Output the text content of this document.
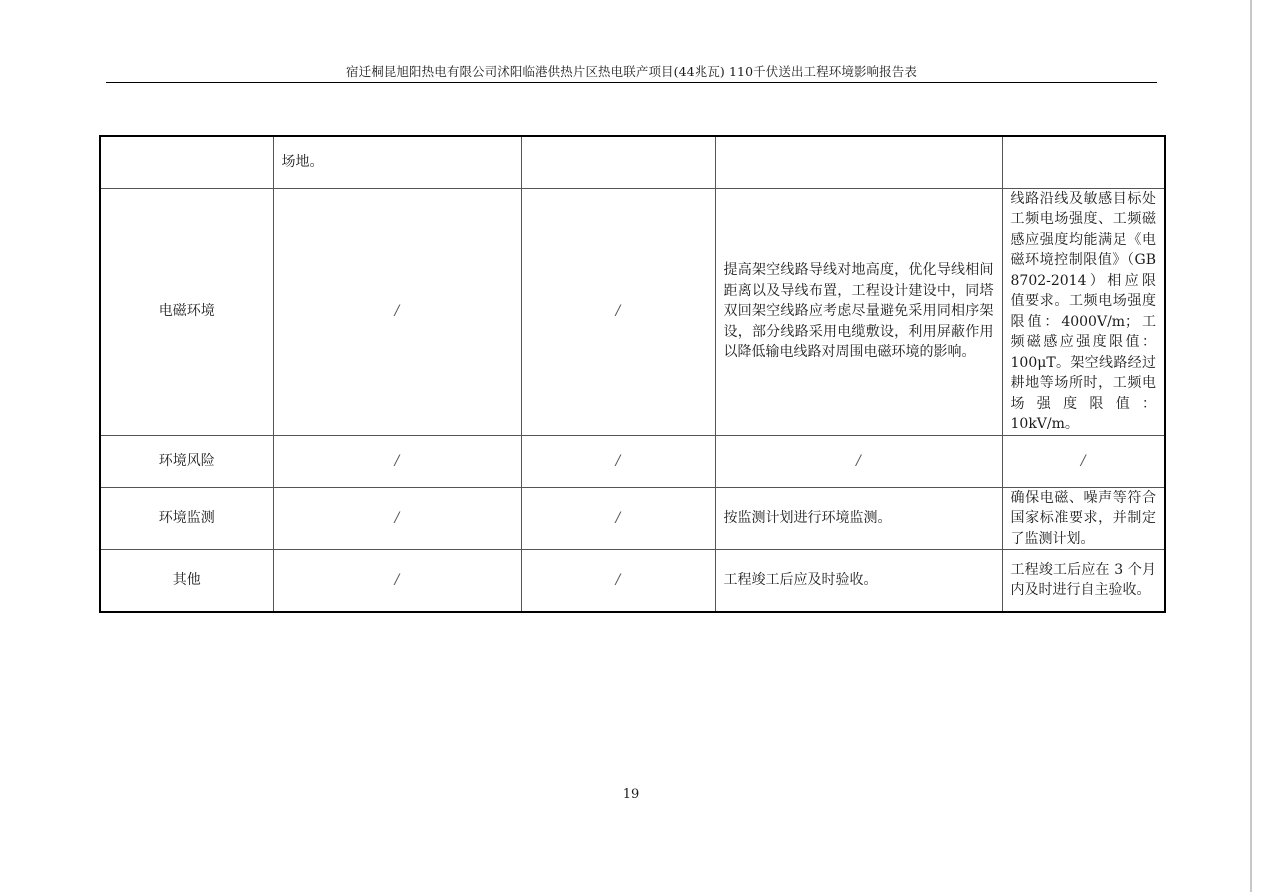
宿迁桐昆旭阳热电有限公司沭阳临港供热片区热电联产项目(44兆瓦) 110千伏送出工程环境影响报告表
	场地。			
电磁环境	/	/	提高架空线路导线对地高度，优化导线相间距离以及导线布置，工程设计建设中，同塔双回架空线路应考虑尽量避免采用同相序架设，部分线路采用电缆敷设，利用屏蔽作用以降低输电线路对周围电磁环境的影响。	线路沿线及敏感目标处工频电场强度、工频磁感应强度均能满足《电磁环境控制限值》（GB 8702-2014）相应限值要求。工频电场强度限值：4000V/m；工频磁感应强度限值：100μT。架空线路经过耕地等场所时，工频电场强度限值：10kV/m。
环境风险	/	/	/	/
环境监测	/	/	按监测计划进行环境监测。	确保电磁、噪声等符合国家标准要求，并制定了监测计划。
其他	/	/	工程竣工后应及时验收。	工程竣工后应在 3 个月内及时进行自主验收。
19
